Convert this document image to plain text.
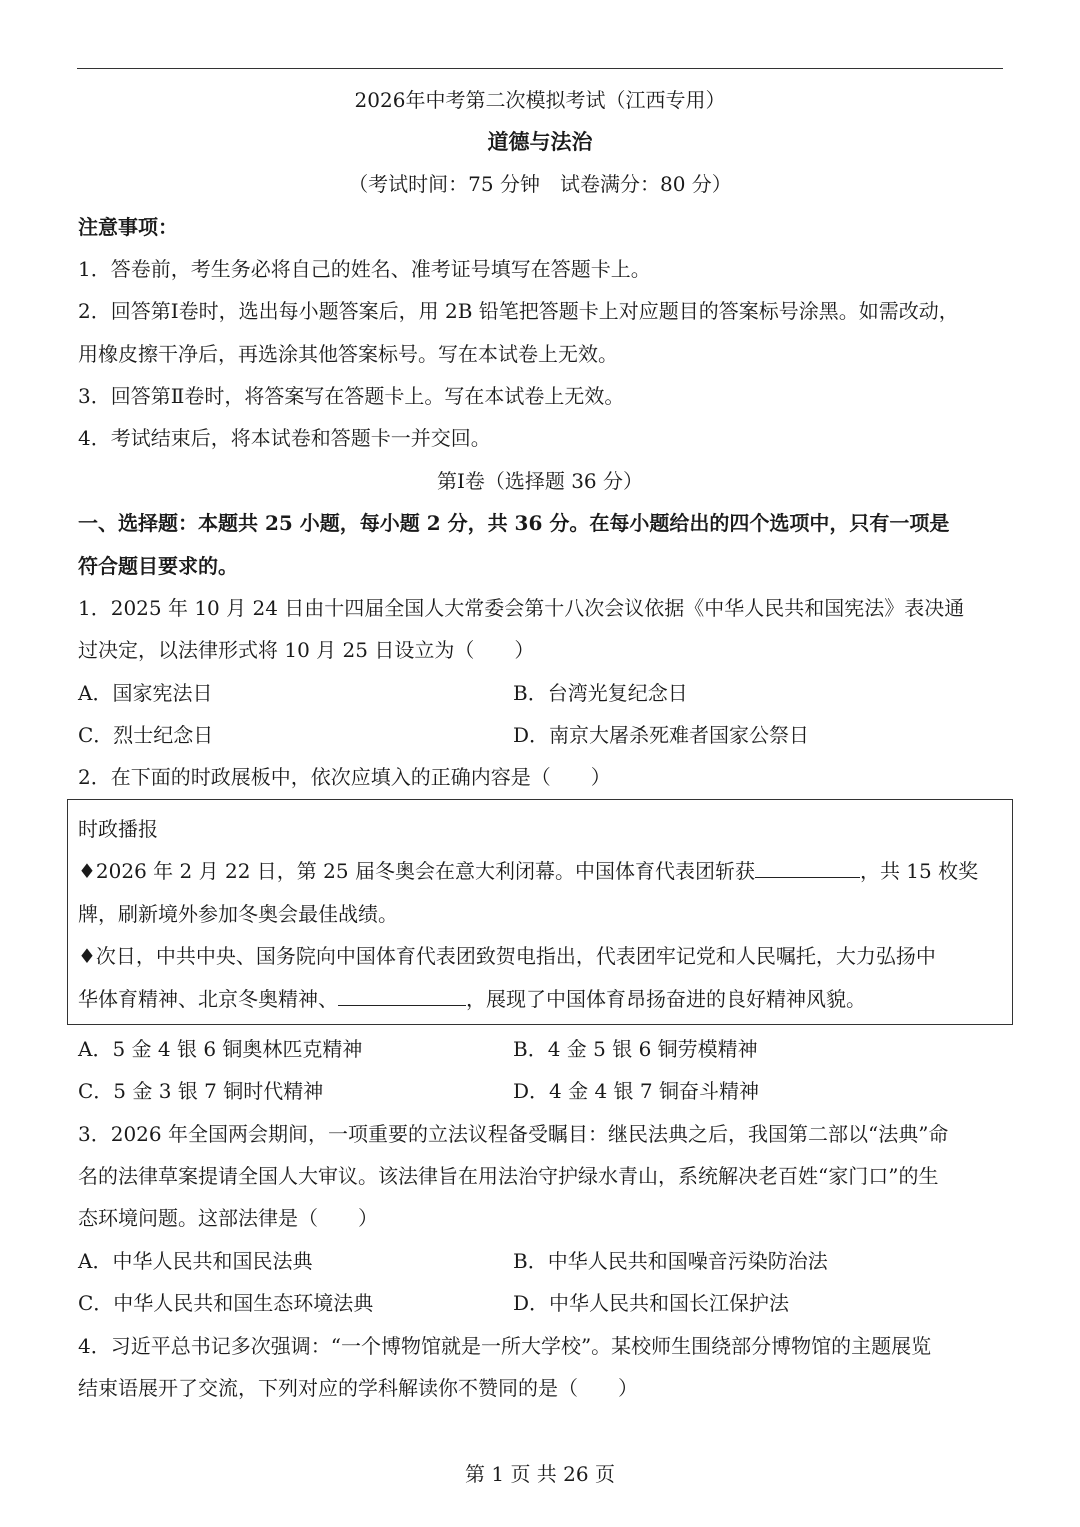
2026年中考第二次模拟考试（江西专用）
道德与法治
（考试时间：75 分钟　试卷满分：80 分）
注意事项：
1．答卷前，考生务必将自己的姓名、准考证号填写在答题卡上。
2．回答第Ⅰ卷时，选出每小题答案后，用 2B 铅笔把答题卡上对应题目的答案标号涂黑。如需改动，
用橡皮擦干净后，再选涂其他答案标号。写在本试卷上无效。
3．回答第Ⅱ卷时，将答案写在答题卡上。写在本试卷上无效。
4．考试结束后，将本试卷和答题卡一并交回。
第Ⅰ卷（选择题 36 分）
一、选择题：本题共 25 小题，每小题 2 分，共 36 分。在每小题给出的四个选项中，只有一项是
符合题目要求的。
1．2025 年 10 月 24 日由十四届全国人大常委会第十八次会议依据《中华人民共和国宪法》表决通
过决定，以法律形式将 10 月 25 日设立为（　　）
A．国家宪法日	B．台湾光复纪念日
C．烈士纪念日	D．南京大屠杀死难者国家公祭日
2．在下面的时政展板中，依次应填入的正确内容是（　　）
时政播报
♦2026 年 2 月 22 日，第 25 届冬奥会在意大利闭幕。中国体育代表团斩获	，共 15 枚奖
牌，刷新境外参加冬奥会最佳战绩。
♦次日，中共中央、国务院向中国体育代表团致贺电指出，代表团牢记党和人民嘱托，大力弘扬中
华体育精神、北京冬奥精神、	，展现了中国体育昂扬奋进的良好精神风貌。
A．5 金 4 银 6 铜奥林匹克精神	B．4 金 5 银 6 铜劳模精神
C．5 金 3 银 7 铜时代精神	D．4 金 4 银 7 铜奋斗精神
3．2026 年全国两会期间，一项重要的立法议程备受瞩目：继民法典之后，我国第二部以“法典”命
名的法律草案提请全国人大审议。该法律旨在用法治守护绿水青山，系统解决老百姓“家门口”的生
态环境问题。这部法律是（　　）
A．中华人民共和国民法典	B．中华人民共和国噪音污染防治法
C．中华人民共和国生态环境法典	D．中华人民共和国长江保护法
4．习近平总书记多次强调：“一个博物馆就是一所大学校”。某校师生围绕部分博物馆的主题展览
结束语展开了交流，下列对应的学科解读你不赞同的是（　　）
第 1 页 共 26 页
